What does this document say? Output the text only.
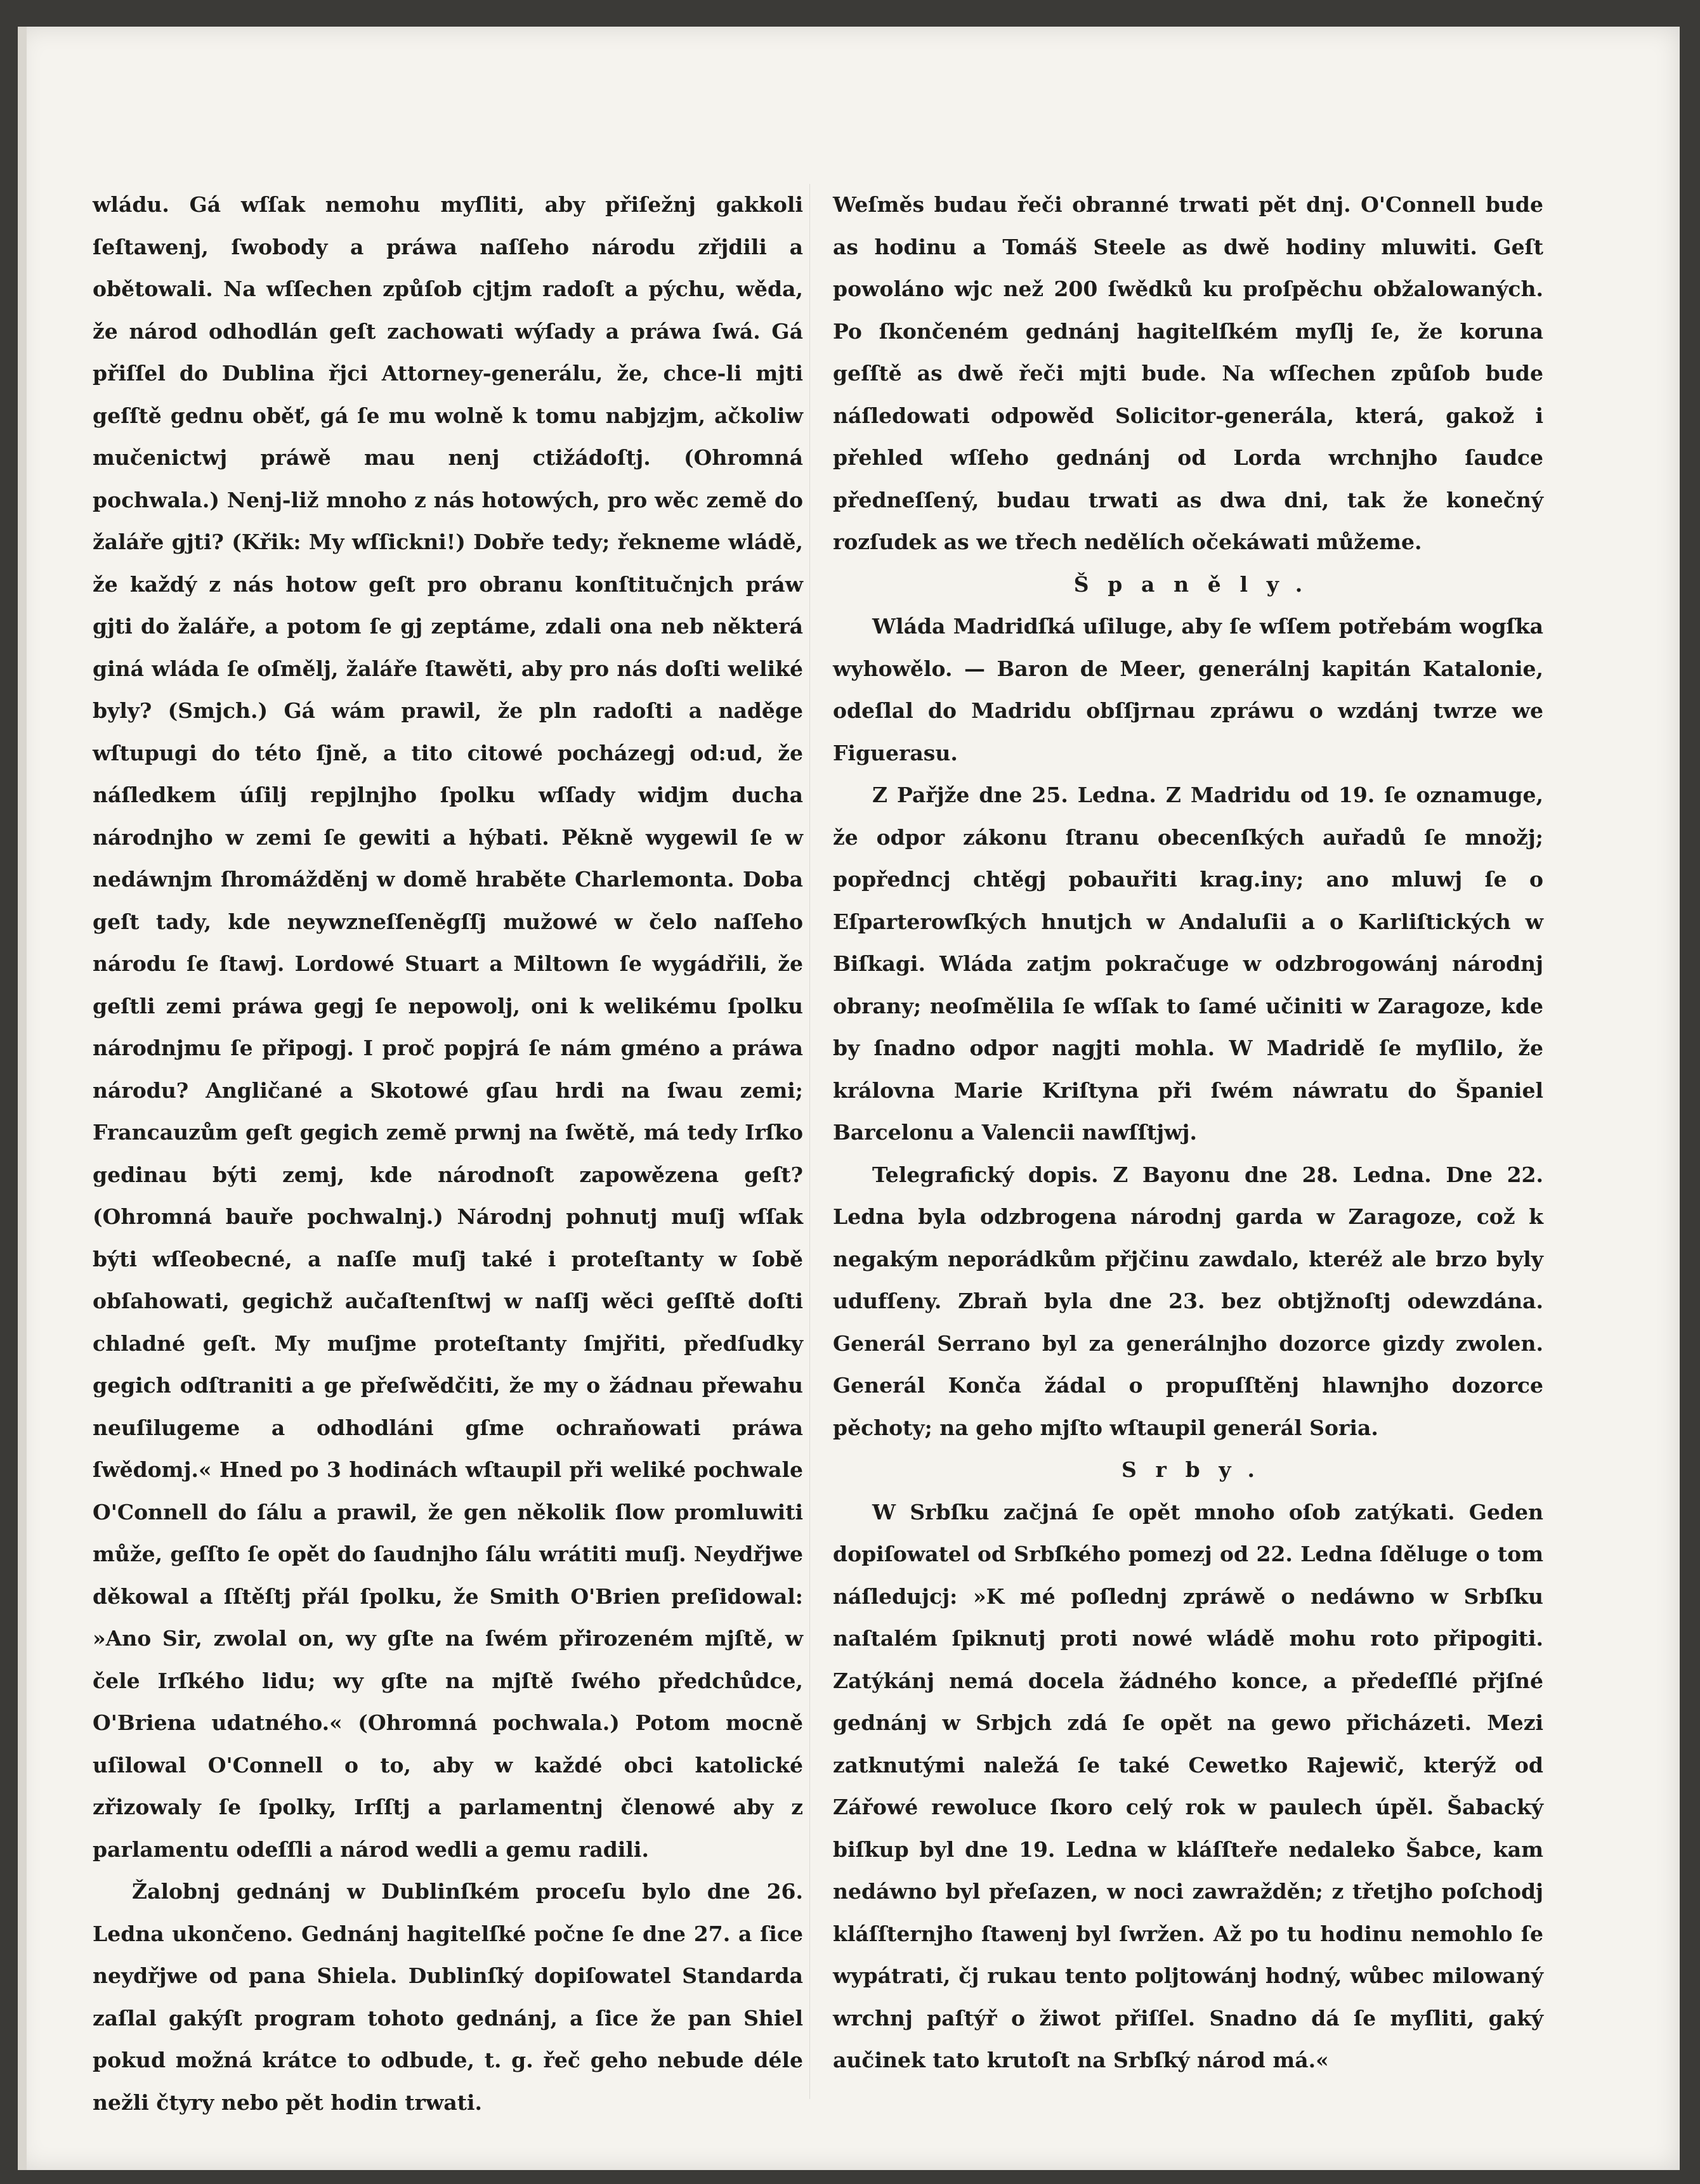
wládu. Gá wſſak nemohu myſliti, aby přiſežnj gakkoli ſeſtawenj, ſwobody a práwa naſſeho národu zřjdili a obětowali. Na wſſechen způſob cjtjm radoſt a pýchu, wěda, že národ odhodlán geſt zachowati wýſady a práwa ſwá. Gá přiſſel do Dublina řjci Attorney-generálu, že, chce-li mjti geſſtě gednu oběť, gá ſe mu wolně k tomu nabjzjm, ačkoliw mučenictwj práwě mau nenj ctižádoſtj. (Ohromná pochwala.) Nenj-liž mnoho z nás hotowých, pro wěc země do žaláře gjti? (Křik: My wſſickni!) Dobře tedy; řekneme wládě, že každý z nás hotow geſt pro obranu konſtitučnjch práw gjti do žaláře, a potom ſe gj zeptáme, zdali ona neb některá giná wláda ſe oſmělj, žaláře ſtawěti, aby pro nás doſti weliké byly? (Smjch.) Gá wám prawil, že pln radoſti a naděge wſtupugi do této ſjně, a tito citowé pocházegj od:ud, že náſledkem úſilj repjlnjho ſpolku wſſady widjm ducha národnjho w zemi ſe gewiti a hýbati. Pěkně wygewil ſe w nedáwnjm ſhromážděnj w domě hraběte Charlemonta. Doba geſt tady, kde neywzneſſeněgſſj mužowé w čelo naſſeho národu ſe ſtawj. Lordowé Stuart a Miltown ſe wygádřili, že geſtli zemi práwa gegj ſe nepowolj, oni k welikému ſpolku národnjmu ſe připogj. I proč popjrá ſe nám gméno a práwa národu? Angličané a Skotowé gſau hrdi na ſwau zemi; Francauzům geſt gegich země prwnj na ſwětě, má tedy Irſko gedinau býti zemj, kde národnoſt zapowězena geſt? (Ohromná bauře pochwalnj.) Národnj pohnutj muſj wſſak býti wſſeobecné, a naſſe muſj také i proteſtanty w ſobě obſahowati, gegichž aučaſtenſtwj w naſſj wěci geſſtě doſti chladné geſt. My muſjme proteſtanty ſmjřiti, předſudky gegich odſtraniti a ge přeſwědčiti, že my o žádnau přewahu neuſilugeme a odhodláni gſme ochraňowati práwa ſwědomj.« Hned po 3 hodinách wſtaupil při weliké pochwale O'Connell do ſálu a prawil, že gen několik ſlow promluwiti může, geſſto ſe opět do ſaudnjho ſálu wrátiti muſj. Neydřjwe děkowal a ſſtěſtj přál ſpolku, že Smith O'Brien preſidowal: »Ano Sir, zwolal on, wy gſte na ſwém přirozeném mjſtě, w čele Irſkého lidu; wy gſte na mjſtě ſwého předchůdce, O'Briena udatného.« (Ohromná pochwala.) Potom mocně uſilowal O'Connell o to, aby w každé obci katolické zřizowaly ſe ſpolky, Irſſtj a parlamentnj členowé aby z parlamentu odeſſli a národ wedli a gemu radili.

Žalobnj gednánj w Dublinſkém proceſu bylo dne 26. Ledna ukončeno. Gednánj hagitelſké počne ſe dne 27. a ſice neydřjwe od pana Shiela. Dublinſký dopiſowatel Standarda zaſlal gakýſt program tohoto gednánj, a ſice že pan Shiel pokud možná krátce to odbude, t. g. řeč geho nebude déle nežli čtyry nebo pět hodin trwati.

Weſměs budau řeči obranné trwati pět dnj. O'Connell bude as hodinu a Tomáš Steele as dwě hodiny mluwiti. Geſt powoláno wjc než 200 ſwědků ku proſpěchu obžalowaných. Po ſkončeném gednánj hagitelſkém myſlj ſe, že koruna geſſtě as dwě řeči mjti bude. Na wſſechen způſob bude náſledowati odpowěd Solicitor-generála, která, gakož i přehled wſſeho gednánj od Lorda wrchnjho ſaudce předneſſený, budau trwati as dwa dni, tak že konečný rozſudek as we třech nedělích očekáwati můžeme.

Španěly.

Wláda Madridſká uſiluge, aby ſe wſſem potřebám wogſka wyhowělo. — Baron de Meer, generálnj kapitán Katalonie, odeſlal do Madridu obſſjrnau zpráwu o wzdánj twrze we Figuerasu.

Z Pařjže dne 25. Ledna. Z Madridu od 19. ſe oznamuge, že odpor zákonu ſtranu obecenſkých auřadů ſe množj; popředncj chtěgj pobauřiti krag.iny; ano mluwj ſe o Eſparterowſkých hnutjch w Andaluſii a o Karliſtických w Biſkagi. Wláda zatjm pokračuge w odzbrogowánj národnj obrany; neoſmělila ſe wſſak to ſamé učiniti w Zaragoze, kde by ſnadno odpor nagjti mohla. W Madridě ſe myſlilo, že královna Marie Kriſtyna při ſwém náwratu do Španiel Barcelonu a Valencii nawſſtjwj.

Telegrafický dopis. Z Bayonu dne 28. Ledna. Dne 22. Ledna byla odzbrogena národnj garda w Zaragoze, což k negakým neporádkům přjčinu zawdalo, kteréž ale brzo byly udufſeny. Zbraň byla dne 23. bez obtjžnoſtj odewzdána. Generál Serrano byl za generálnjho dozorce gizdy zwolen. Generál Konča žádal o propuſſtěnj hlawnjho dozorce pěchoty; na geho mjſto wſtaupil generál Soria.

Srby.

W Srbſku začjná ſe opět mnoho oſob zatýkati. Geden dopiſowatel od Srbſkého pomezj od 22. Ledna ſděluge o tom náſledujcj: »K mé poſlednj zpráwě o nedáwno w Srbſku naſtalém ſpiknutj proti nowé wládě mohu roto připogiti. Zatýkánj nemá docela žádného konce, a předeſſlé přjſné gednánj w Srbjch zdá ſe opět na gewo přicházeti. Mezi zatknutými naležá ſe také Cewetko Rajewič, kterýž od Zářowé rewoluce ſkoro celý rok w paulech úpěl. Šabacký biſkup byl dne 19. Ledna w kláſſteře nedaleko Šabce, kam nedáwno byl přeſazen, w noci zawražděn; z třetjho poſchodj kláſſternjho ſtawenj byl ſwržen. Až po tu hodinu nemohlo ſe wypátrati, čj rukau tento poljtowánj hodný, wůbec milowaný wrchnj paſtýř o žiwot přiſſel. Snadno dá ſe myſliti, gaký aučinek tato krutoſt na Srbſký národ má.«
